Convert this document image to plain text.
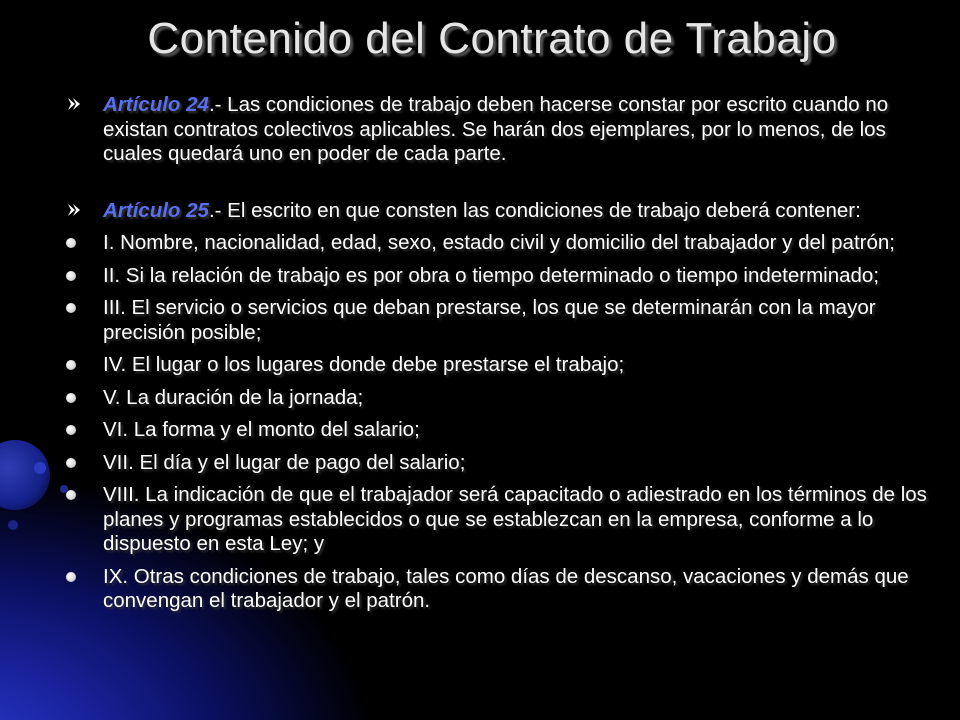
Contenido del Contrato de Trabajo
Artículo 24.- Las condiciones de trabajo deben hacerse constar por escrito cuando no existan contratos colectivos aplicables. Se harán dos ejemplares, por lo menos, de los cuales quedará uno en poder de cada parte.
Artículo 25.- El escrito en que consten las condiciones de trabajo deberá contener:
I. Nombre, nacionalidad, edad, sexo, estado civil y domicilio del trabajador y del patrón;
II. Si la relación de trabajo es por obra o tiempo determinado o tiempo indeterminado;
III. El servicio o servicios que deban prestarse, los que se determinarán con la mayor precisión posible;
IV. El lugar o los lugares donde debe prestarse el trabajo;
V. La duración de la jornada;
VI. La forma y el monto del salario;
VII. El día y el lugar de pago del salario;
VIII. La indicación de que el trabajador será capacitado o adiestrado en los términos de los planes y programas establecidos o que se establezcan en la empresa, conforme a lo dispuesto en esta Ley; y
IX. Otras condiciones de trabajo, tales como días de descanso, vacaciones y demás que convengan el trabajador y el patrón.
